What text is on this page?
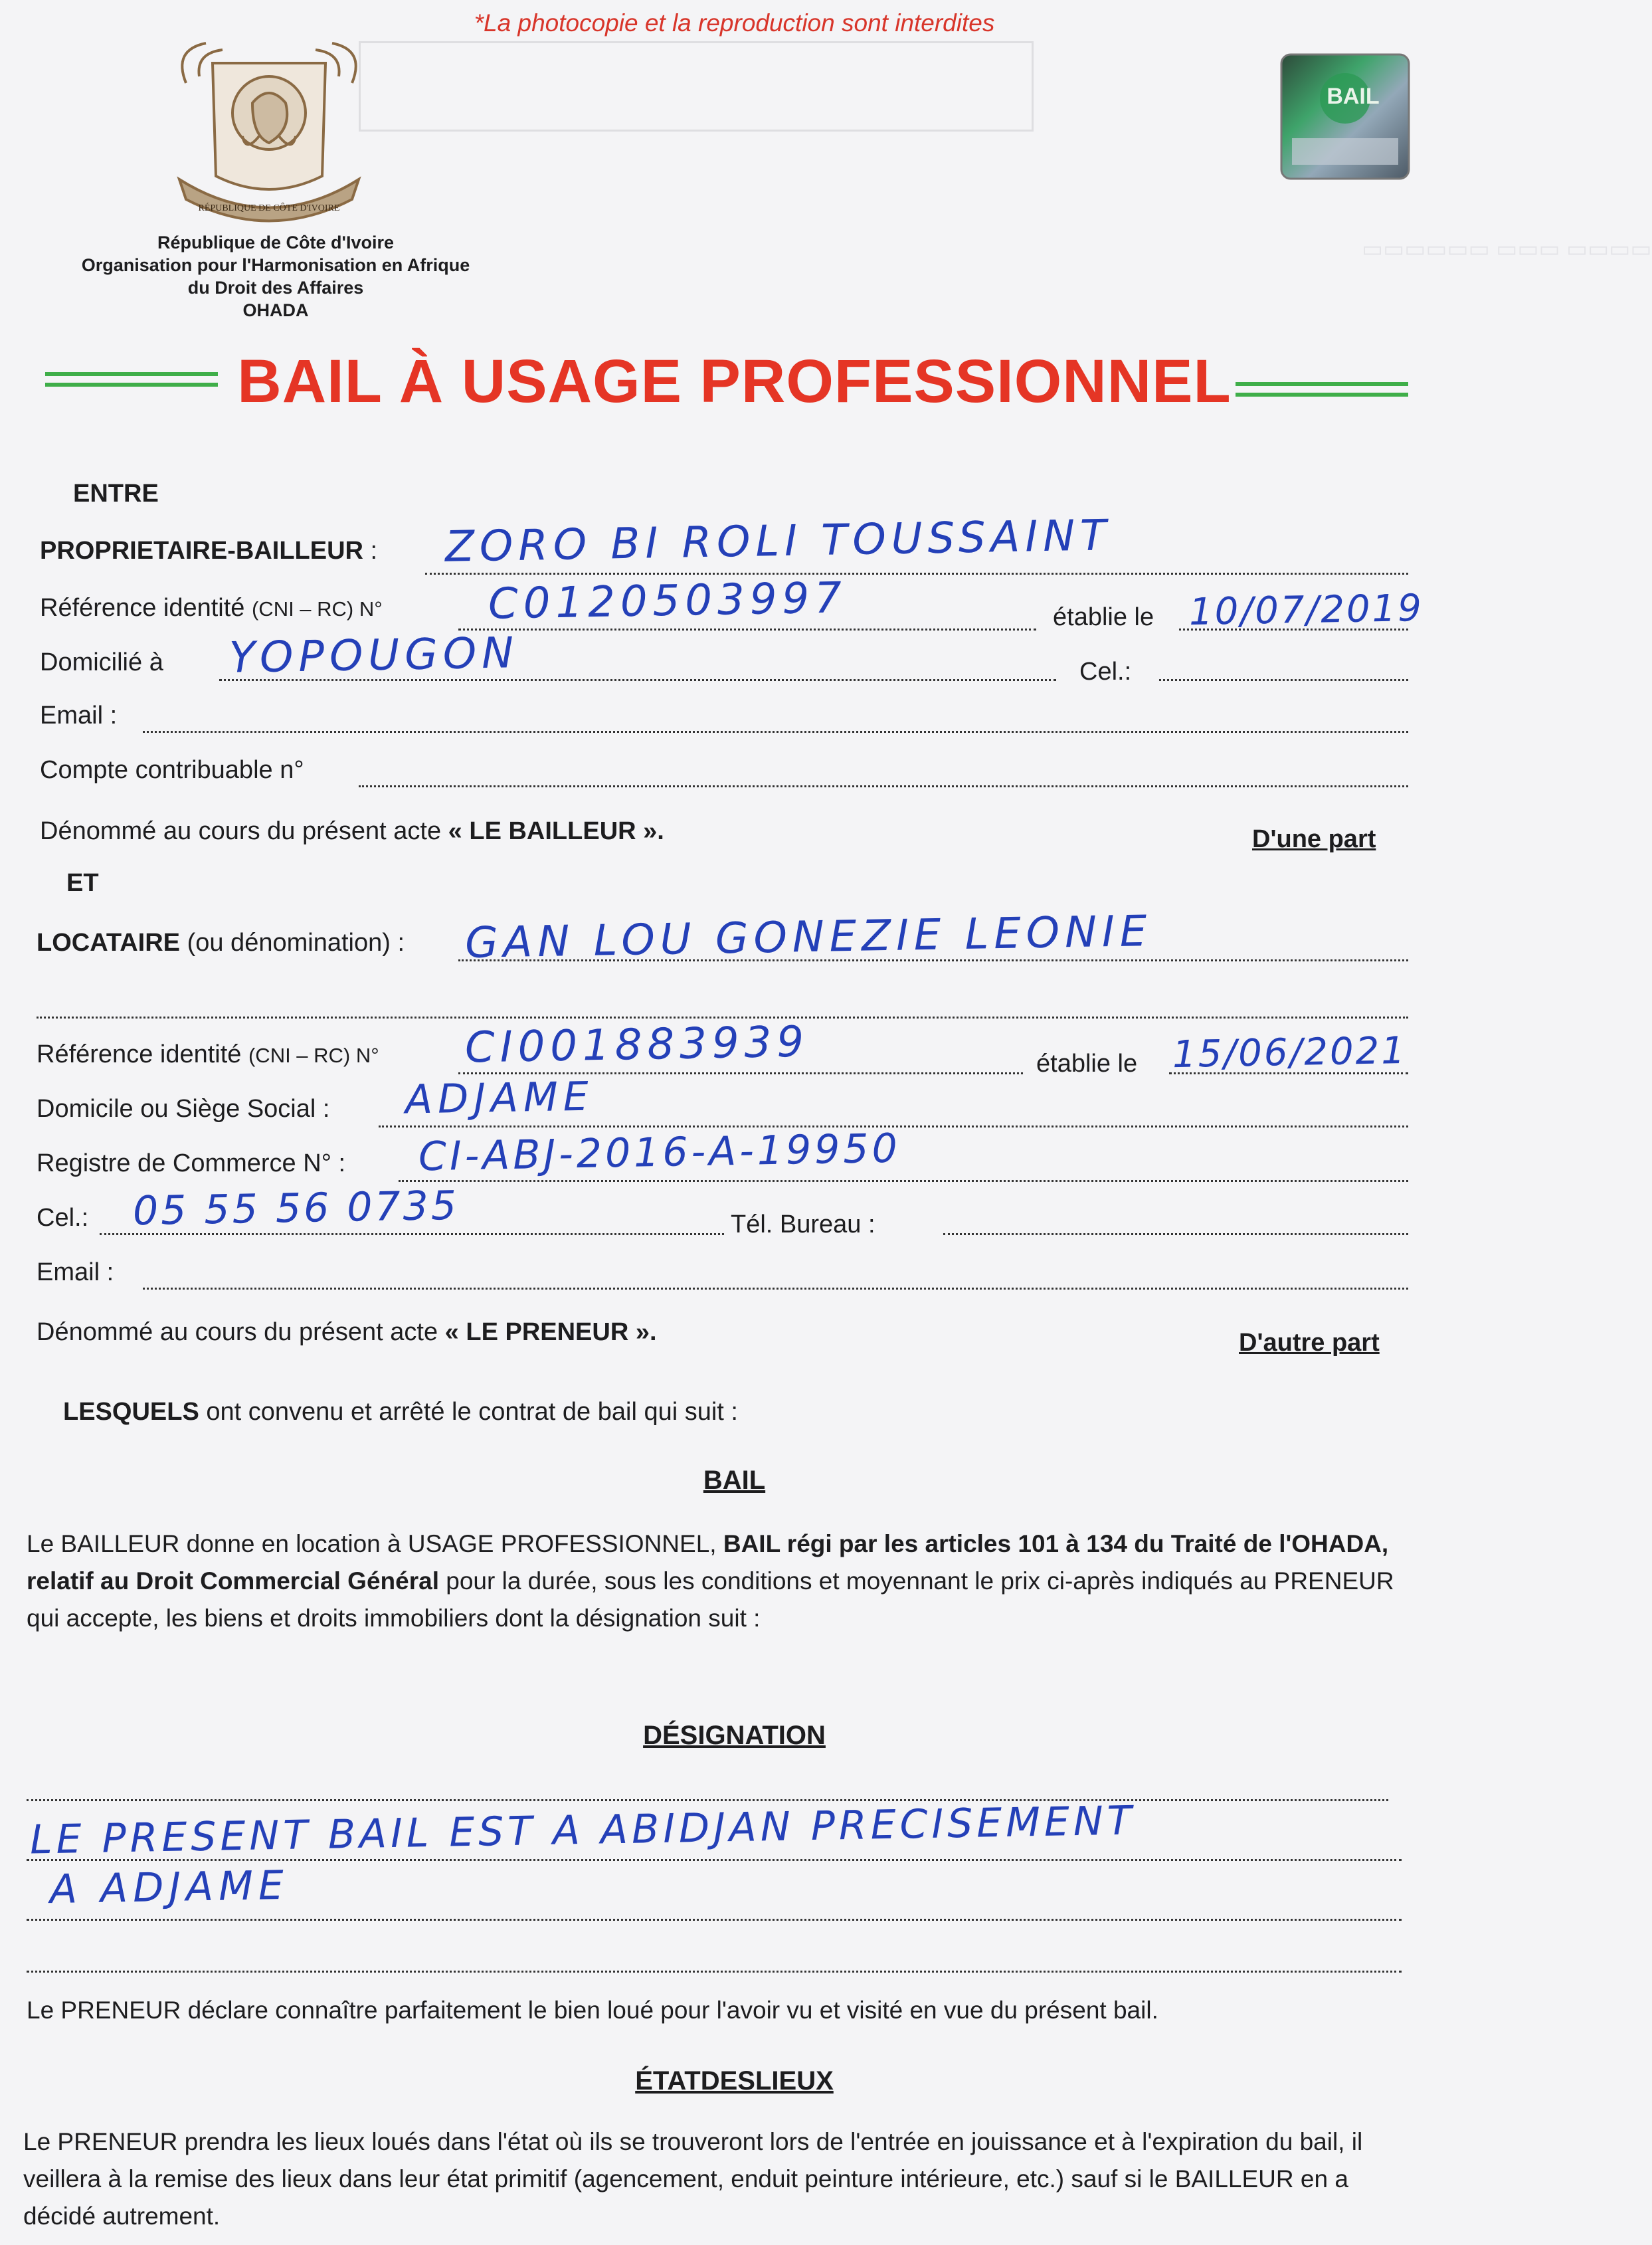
*La photocopie et la reproduction sont interdites
▭▭▭▭ ▭▭▭ ▭▭▭▭▭▭
RÉPUBLIQUE DE CÔTE D'IVOIRE
République de Côte d'Ivoire
Organisation pour l'Harmonisation en Afrique
du Droit des Affaires
OHADA
BAIL
BAIL À USAGE PROFESSIONNEL
ENTRE
PROPRIETAIRE-BAILLEUR : ZORO BI ROLI TOUSSAINT
Référence identité (CNI – RC) N° C0120503997	établie le 10/07/2019
Domicilié à YOPOUGON	Cel.:
Email :
Compte contribuable n°
Dénommé au cours du présent acte « LE BAILLEUR ».	D'une part
ET
LOCATAIRE (ou dénomination) : GAN LOU GONEZIE LEONIE
Référence identité (CNI – RC) N° CI001883939	établie le 15/06/2021
Domicile ou Siège Social : ADJAME
Registre de Commerce N° : CI-ABJ-2016-A-19950
Cel.: 05 55 56 0735	Tél. Bureau :
Email :
Dénommé au cours du présent acte « LE PRENEUR ».	D'autre part
LESQUELS ont convenu et arrêté le contrat de bail qui suit :
BAIL
Le BAILLEUR donne en location à USAGE PROFESSIONNEL, BAIL régi par les articles 101 à 134 du Traité de l'OHADA, relatif au Droit Commercial Général pour la durée, sous les conditions et moyennant le prix ci-après indiqués au PRENEUR qui accepte, les biens et droits immobiliers dont la désignation suit :
DÉSIGNATION
LE PRESENT BAIL EST A ABIDJAN PRECISEMENT
A ADJAME
Le PRENEUR déclare connaître parfaitement le bien loué pour l'avoir vu et visité en vue du présent bail.
ÉTATDESLIEUX
Le PRENEUR prendra les lieux loués dans l'état où ils se trouveront lors de l'entrée en jouissance et à l'expiration du bail, il veillera à la remise des lieux dans leur état primitif (agencement, enduit peinture intérieure, etc.) sauf si le BAILLEUR en a décidé autrement.
